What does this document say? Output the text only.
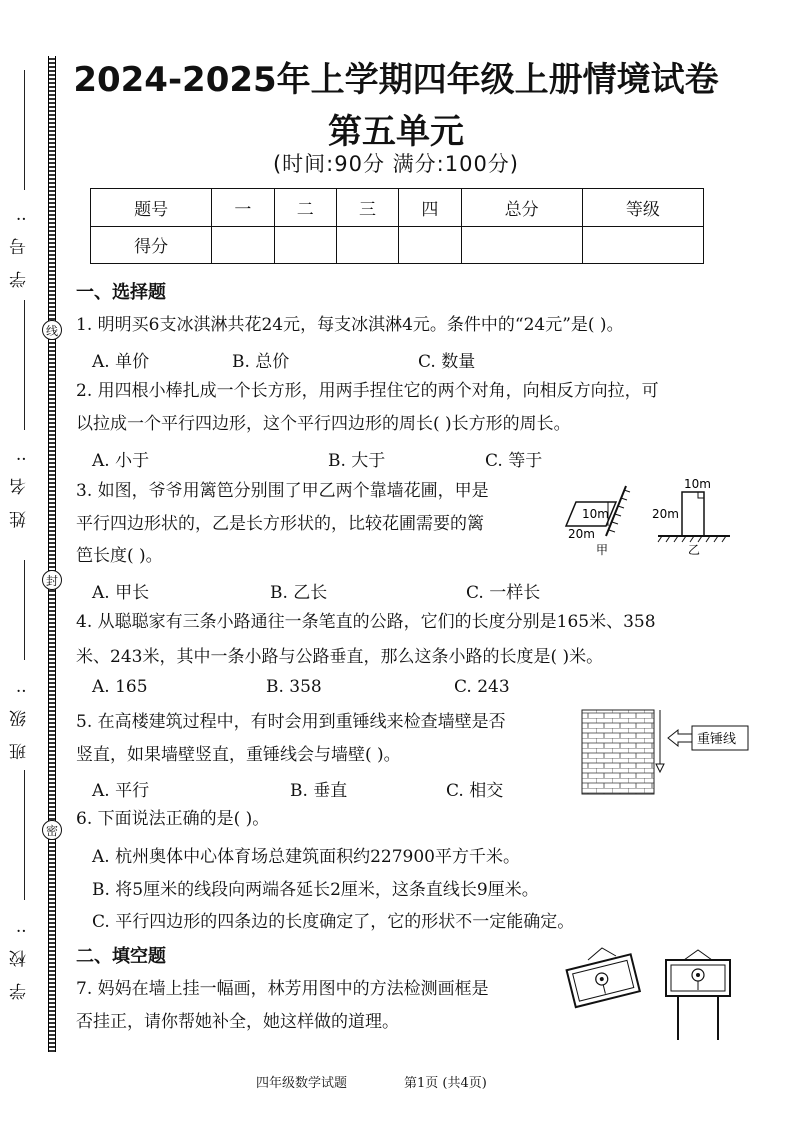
学号:
姓名:
班级:
学校:
线
封
密
2024-2025年上学期四年级上册情境试卷
第五单元
(时间:90分 满分:100分)
题号	一	二	三	四	总分	等级
得分						
一、选择题
1. 明明买6支冰淇淋共花24元，每支冰淇淋4元。条件中的“24元”是( )。
A. 单价	B. 总价	C. 数量
2. 用四根小棒扎成一个长方形，用两手捏住它的两个对角，向相反方向拉，可
以拉成一个平行四边形，这个平行四边形的周长( )长方形的周长。
A. 小于	B. 大于	C. 等于
3. 如图，爷爷用篱笆分别围了甲乙两个靠墙花圃，甲是
平行四边形状的，乙是长方形状的，比较花圃需要的篱
笆长度( )。
10m
20m
甲
10m
20m
乙
A. 甲长	B. 乙长	C. 一样长
4. 从聪聪家有三条小路通往一条笔直的公路，它们的长度分别是165米、358
米、243米，其中一条小路与公路垂直，那么这条小路的长度是( )米。
A. 165	B. 358	C. 243
5. 在高楼建筑过程中，有时会用到重锤线来检查墙壁是否
竖直，如果墙壁竖直，重锤线会与墙壁( )。
重锤线
A. 平行	B. 垂直	C. 相交
6. 下面说法正确的是( )。
A. 杭州奥体中心体育场总建筑面积约227900平方千米。
B. 将5厘米的线段向两端各延长2厘米，这条直线长9厘米。
C. 平行四边形的四条边的长度确定了，它的形状不一定能确定。
二、填空题
7. 妈妈在墙上挂一幅画，林芳用图中的方法检测画框是
否挂正，请你帮她补全，她这样做的道理。
四年级数学试题	第1页 (共4页)
